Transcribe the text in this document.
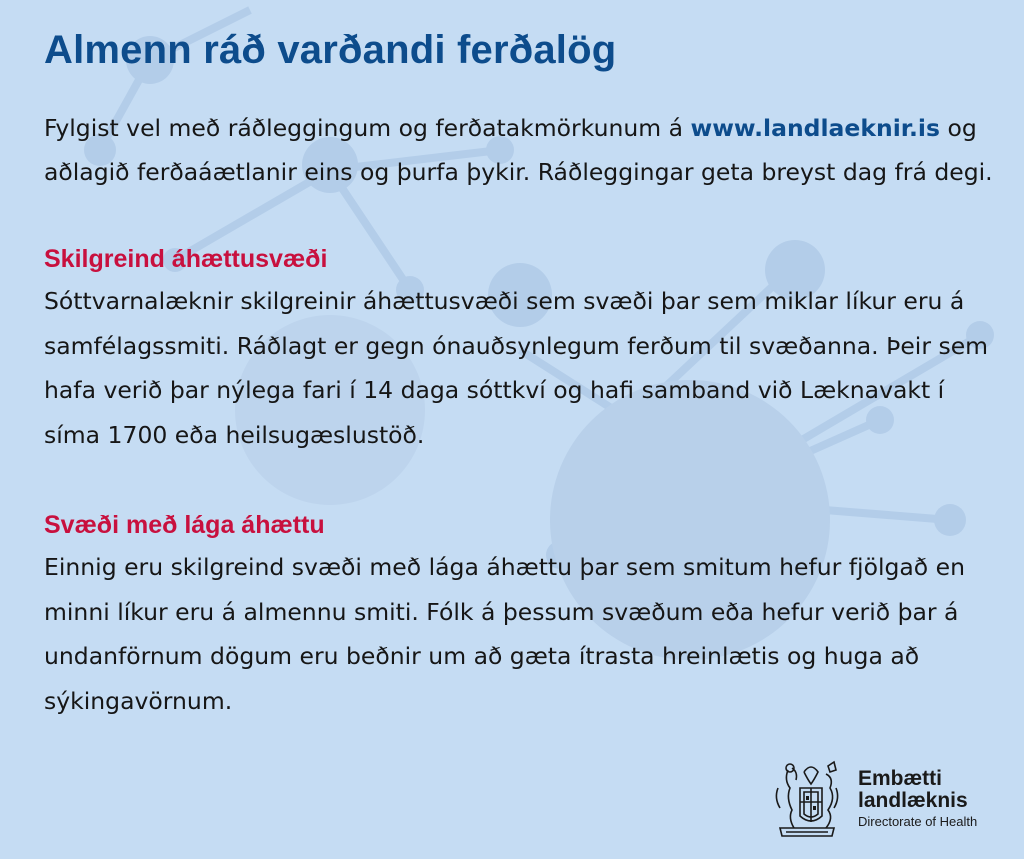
Almenn ráð varðandi ferðalög

Fylgist vel með ráðleggingum og ferðatakmörkunum á www.landlaeknir.is og aðlagið ferðaáætlanir eins og þurfa þykir. Ráðleggingar geta breyst dag frá degi.

Skilgreind áhættusvæði

Sóttvarnalæknir skilgreinir áhættusvæði sem svæði þar sem miklar líkur eru á samfélagssmiti. Ráðlagt er gegn ónauðsynlegum ferðum til svæðanna. Þeir sem hafa verið þar nýlega fari í 14 daga sóttkví og hafi samband við Læknavakt í síma 1700 eða heilsugæslustöð.

Svæði með lága áhættu

Einnig eru skilgreind svæði með lága áhættu þar sem smitum hefur fjölgað en minni líkur eru á almennu smiti. Fólk á þessum svæðum eða hefur verið þar á undanförnum dögum eru beðnir um að gæta ítrasta hreinlætis og huga að sýkingavörnum.

Embætti
landlæknis
Directorate of Health
